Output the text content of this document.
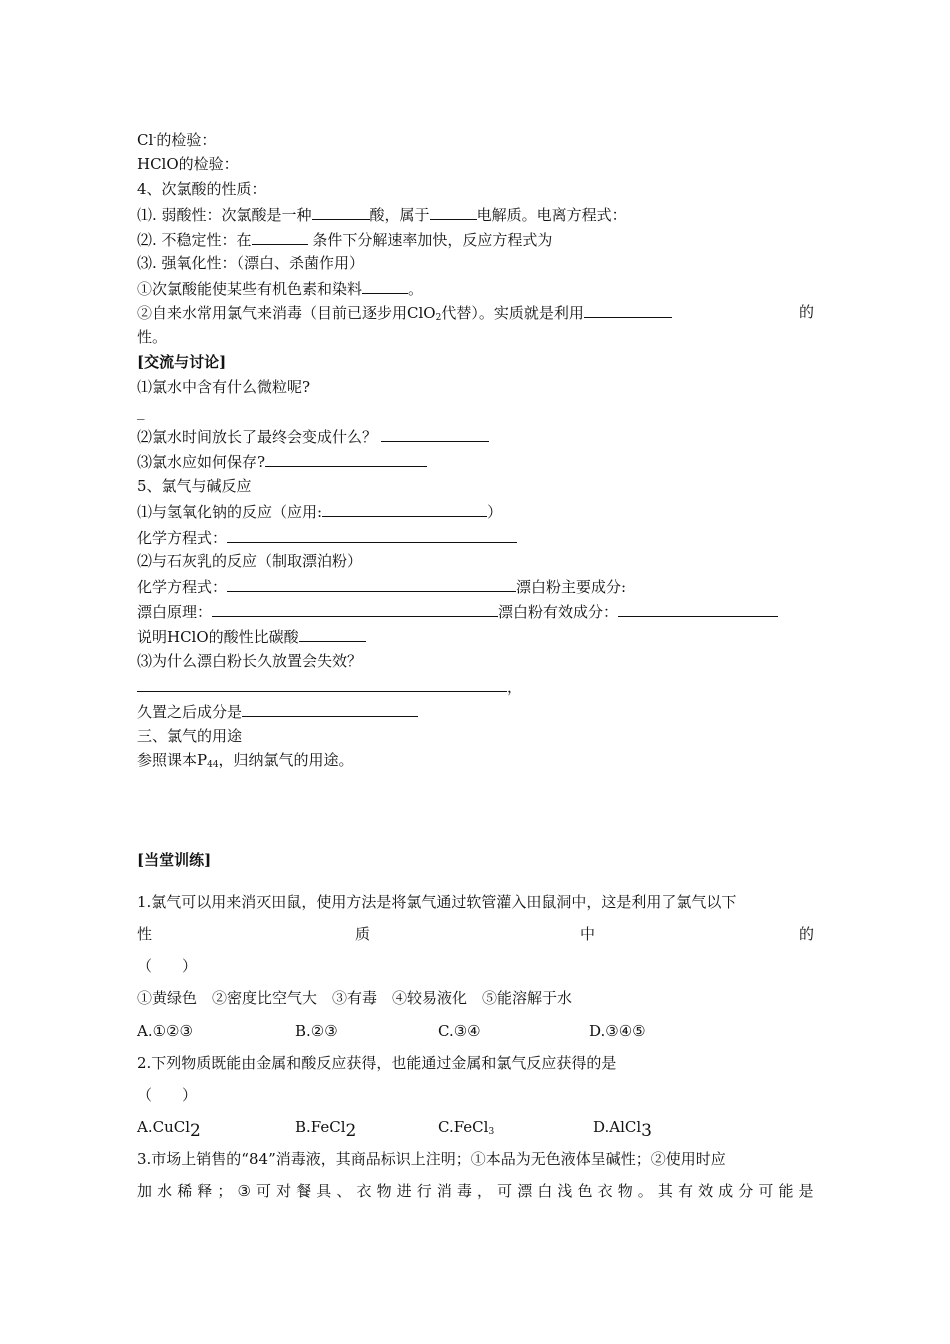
Cl-的检验：
HClO的检验：
4、次氯酸的性质：
⑴. 弱酸性：次氯酸是一种	酸，属于	电解质。电离方程式：
⑵. 不稳定性：在	条件下分解速率加快，反应方程式为
⑶. 强氧化性：（漂白、杀菌作用）
①次氯酸能使某些有机色素和染料	。
②自来水常用氯气来消毒（目前已逐步用ClO$_2$代替）。实质就是利用	的
性。
[交流与讨论]
⑴氯水中含有什么微粒呢?
_
⑵氯水时间放长了最终会变成什么？
⑶氯水应如何保存?
5、氯气与碱反应
⑴与氢氧化钠的反应（应用:	）
化学方程式：
⑵与石灰乳的反应（制取漂泊粉）
化学方程式：	漂白粉主要成分:
漂白原理：	漂白粉有效成分：
说明HClO的酸性比碳酸
⑶为什么漂白粉长久放置会失效？
，
久置之后成分是
三、氯气的用途
参照课本$P_{44}$，归纳氯气的用途。
[当堂训练]
1.氯气可以用来消灭田鼠，使用方法是将氯气通过软管灌入田鼠洞中，这是利用了氯气以下
性	质	中	的
（　　）
①黄绿色　②密度比空气大　③有毒　④较易液化　⑤能溶解于水
A.①②③	B.②③	C.③④	D.③④⑤
2.下列物质既能由金属和酸反应获得，也能通过金属和氯气反应获得的是
（　　）
A.CuCl2	B.FeCl2	C.FeCl$_3$	D.AlCl3
3.市场上销售的“84”消毒液，其商品标识上注明；①本品为无色液体呈碱性；②使用时应
加 水 稀 释 ； ③ 可 对 餐 具 、 衣 物 进 行 消 毒 ， 可 漂 白 浅 色 衣 物 。 其 有 效 成 分 可 能 是
